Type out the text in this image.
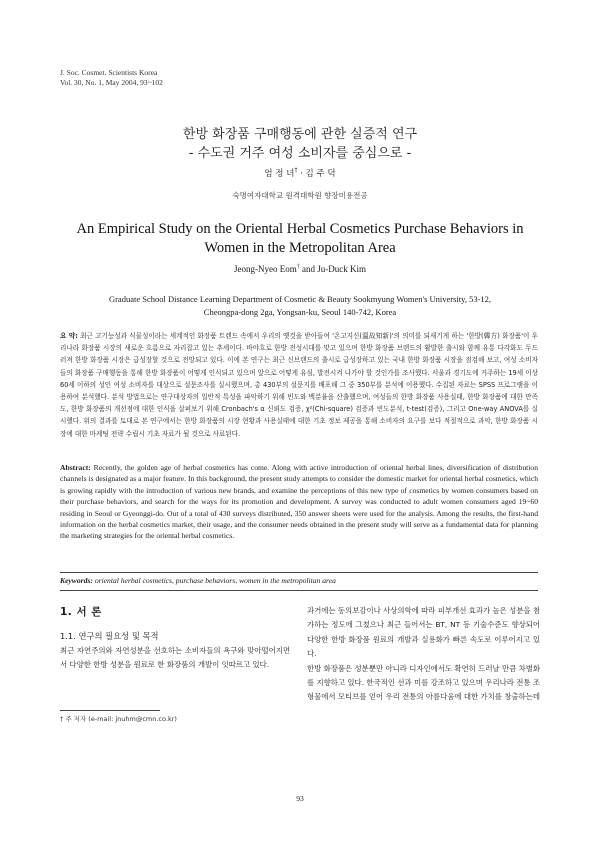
J. Soc. Cosmet. Scientists Korea
Vol. 30, No. 1, May 2004, 93~102
한방 화장품 구매행동에 관한 실증적 연구
- 수도권 거주 여성 소비자를 중심으로 -
엄 정 녀† · 김 주 덕
숙명여자대학교 원격대학원 향장미용전공
An Empirical Study on the Oriental Herbal Cosmetics Purchase Behaviors in
Women in the Metropolitan Area
Jeong-Nyeo Eom† and Ju-Duck Kim
Graduate School Distance Learning Department of Cosmetic & Beauty Sookmyung Women's University, 53-12,
Cheongpa-dong 2ga, Yongsan-ku, Seoul 140-742, Korea
요 약: 최근 고기능성과 식물성이라는 세계적인 화장품 트렌드 속에서 우리의 옛것을 받아들여 '온고지신(溫故知新)'의 의미를 되새기게 하는 '한방(韓方) 화장품'이 우리나라 화장품 시장의 새로운 흐름으로 자리잡고 있는 추세이다. 바야흐로 한방 전성시대를 맞고 있으며 한방 화장품 브랜드의 활발한 출시와 함께 유통 다각화도 두드러져 한방 화장품 시장은 급성장할 것으로 전망되고 있다. 이에 본 연구는 최근 신브랜드의 출시로 급성장하고 있는 국내 한방 화장품 시장을 점검해 보고, 여성 소비자들의 화장품 구매행동을 통해 한방 화장품이 어떻게 인식되고 있으며 앞으로 어떻게 유심, 발전시켜 나가야 할 것인가를 조사했다. 서울과 경기도에 거주하는 19세 이상 60세 이하의 성인 여성 소비자를 대상으로 설문조사를 실시했으며, 총 430부의 설문지를 배포해 그 중 350부를 분석에 이용했다. 수집된 자료는 SPSS 프로그램을 이용하여 분석했다. 분석 방법으로는 연구대상자의 일반적 특성을 파악하기 위해 빈도와 백분율을 산출했으며, 여성들의 한방 화장품 사용실태, 한방 화장품에 대한 만족도, 한방 화장품의 개선점에 대한 인식을 살펴보기 위해 Cronbach's α 신뢰도 검증, χ²(Chi-square) 검증과 빈도분석, t-test(검증), 그리고 One-way ANOVA를 실시했다. 위의 결과를 토대로 본 연구에서는 한방 화장품의 시장 현황과 사용실태에 대한 기초 정보 제공을 통해 소비자의 요구를 보다 적절적으로 과악, 한방 화장품 시장에 대한 마케팅 전략 수립시 기초 자료가 될 것으로 사료된다.
Abstract: Recently, the golden age of herbal cosmetics has come. Along with active introduction of oriental herbal lines, diversification of distribution channels is designated as a major feature. In this background, the present study attempts to consider the domestic market for oriental herbal cosmetics, which is growing rapidly with the introduction of various new brands, and examine the perceptions of this new type of cosmetics by women consumers based on their purchase behaviors, and search for the ways for its promotion and development. A survey was conducted to adult women consumers aged 19~60 residing in Seoul or Gyeonggi-do. Out of a total of 430 surveys distributed, 350 answer sheets were used for the analysis. Among the results, the first-hand information on the herbal cosmetics market, their usage, and the consumer needs obtained in the present study will serve as a fundamental data for planning the marketing strategies for the oriental herbal cosmetics.
Keywords: oriental herbal cosmetics, purchase behaviors, women in the metropolitan area
1. 서 론
1.1. 연구의 필요성 및 목적
최근 자연주의와 자연성분을 선호하는 소비자들의 욕구와 맞아떨어지면서 다양한 한방 성분을 원료로 한 화장품의 개발이 잇따르고 있다.
과거에는 동의보감이나 사상의학에 따라 피부개선 효과가 높은 성분을 첨가하는 정도에 그쳤으나 최근 들어서는 BT, NT 등 기술수준도 향상되어 다양한 한방 화장품 원료의 개발과 실용화가 빠른 속도로 이루어지고 있다.
한방 화장품은 성분뿐만 아니라 디자인에서도 확연히 드러날 만큼 차별화를 지향하고 있다. 한국적인 선과 미를 강조하고 있으며 우리나라 전통 조형물에서 모티브를 얻어 우리 전통의 아름다움에 대한 가치를 창출하는데
† 주 저자 (e-mail: jnuhm@cmn.co.kr)
93
